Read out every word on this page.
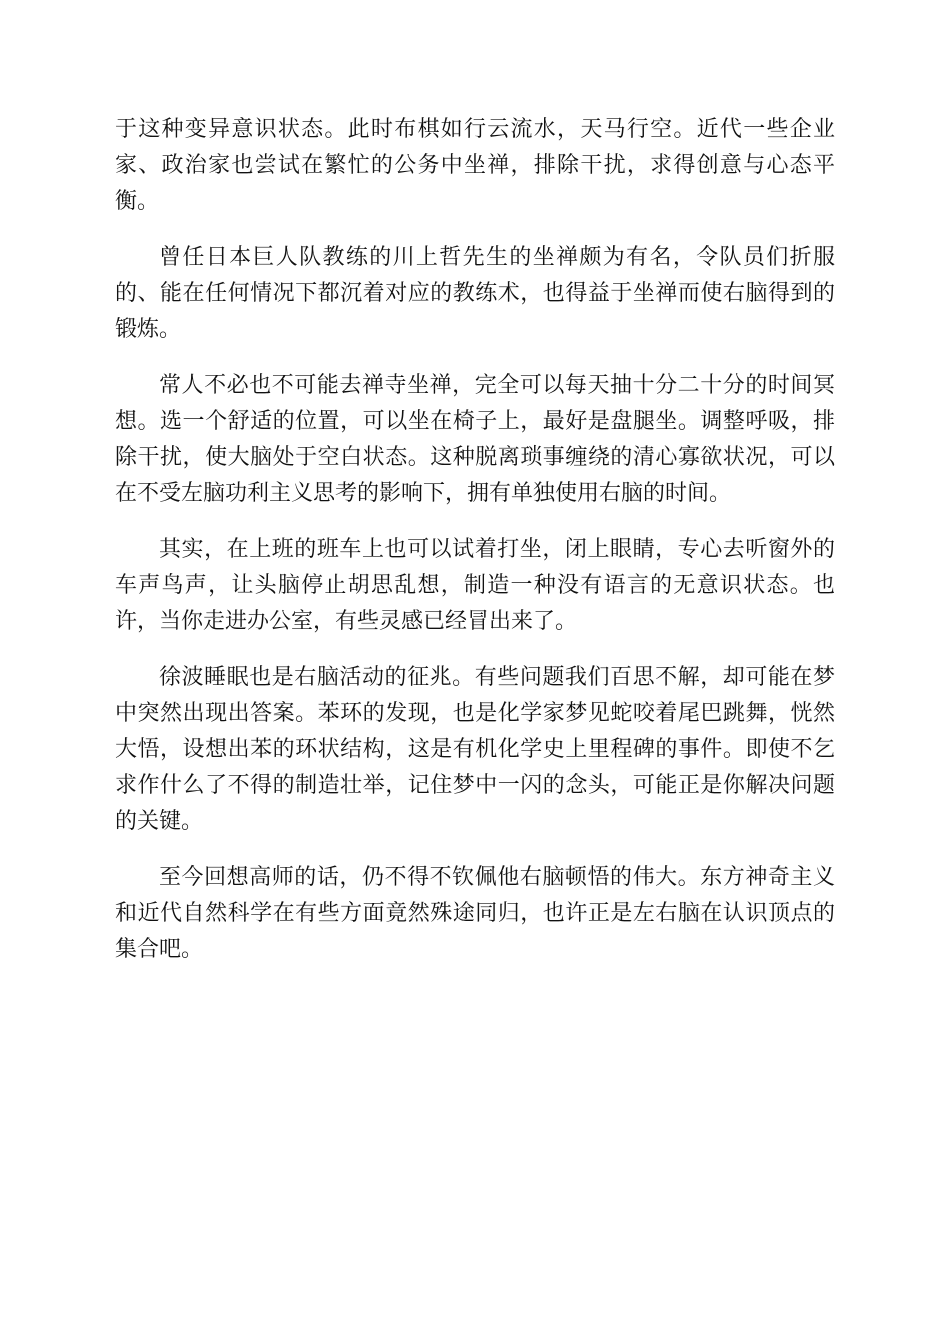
于这种变异意识状态。此时布棋如行云流水，天马行空。近代一些企业家、政治家也尝试在繁忙的公务中坐禅，排除干扰，求得创意与心态平衡。

曾任日本巨人队教练的川上哲先生的坐禅颇为有名，令队员们折服的、能在任何情况下都沉着对应的教练术，也得益于坐禅而使右脑得到的锻炼。

常人不必也不可能去禅寺坐禅，完全可以每天抽十分二十分的时间冥想。选一个舒适的位置，可以坐在椅子上，最好是盘腿坐。调整呼吸，排除干扰，使大脑处于空白状态。这种脱离琐事缠绕的清心寡欲状况，可以在不受左脑功利主义思考的影响下，拥有单独使用右脑的时间。

其实，在上班的班车上也可以试着打坐，闭上眼睛，专心去听窗外的车声鸟声，让头脑停止胡思乱想，制造一种没有语言的无意识状态。也许，当你走进办公室，有些灵感已经冒出来了。

徐波睡眠也是右脑活动的征兆。有些问题我们百思不解，却可能在梦中突然出现出答案。苯环的发现，也是化学家梦见蛇咬着尾巴跳舞，恍然大悟，设想出苯的环状结构，这是有机化学史上里程碑的事件。即使不乞求作什么了不得的制造壮举，记住梦中一闪的念头，可能正是你解决问题的关键。

至今回想高师的话，仍不得不钦佩他右脑顿悟的伟大。东方神奇主义和近代自然科学在有些方面竟然殊途同归，也许正是左右脑在认识顶点的集合吧。
